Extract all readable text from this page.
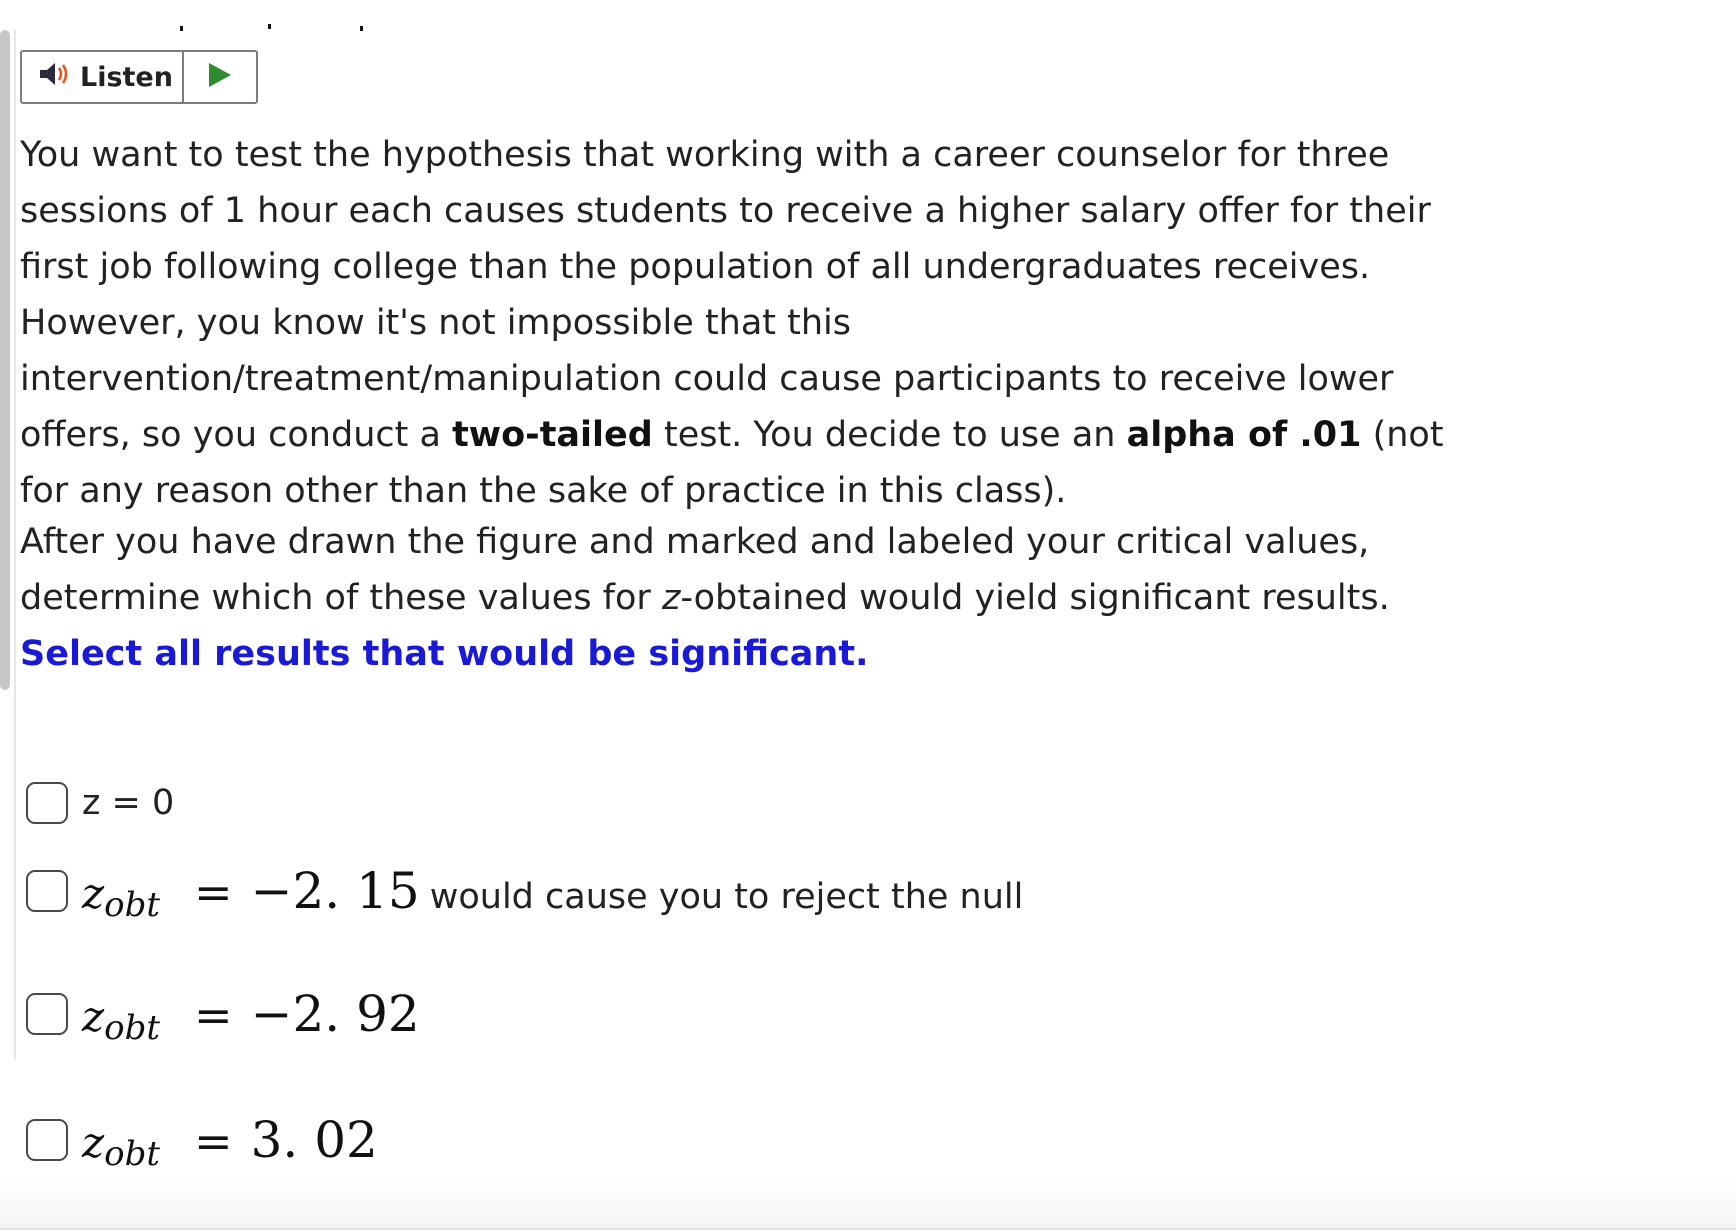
Listen
You want to test the hypothesis that working with a career counselor for three sessions of 1 hour each causes students to receive a higher salary offer for their first job following college than the population of all undergraduates receives. However, you know it's not impossible that this intervention/treatment/manipulation could cause participants to receive lower offers, so you conduct a two-tailed test. You decide to use an alpha of .01 (not for any reason other than the sake of practice in this class).
After you have drawn the figure and marked and labeled your critical values, determine which of these values for z-obtained would yield significant results. Select all results that would be significant.
z = 0
z obt = −2. 15 would cause you to reject the null
z obt = −2. 92
z obt = 3. 02
